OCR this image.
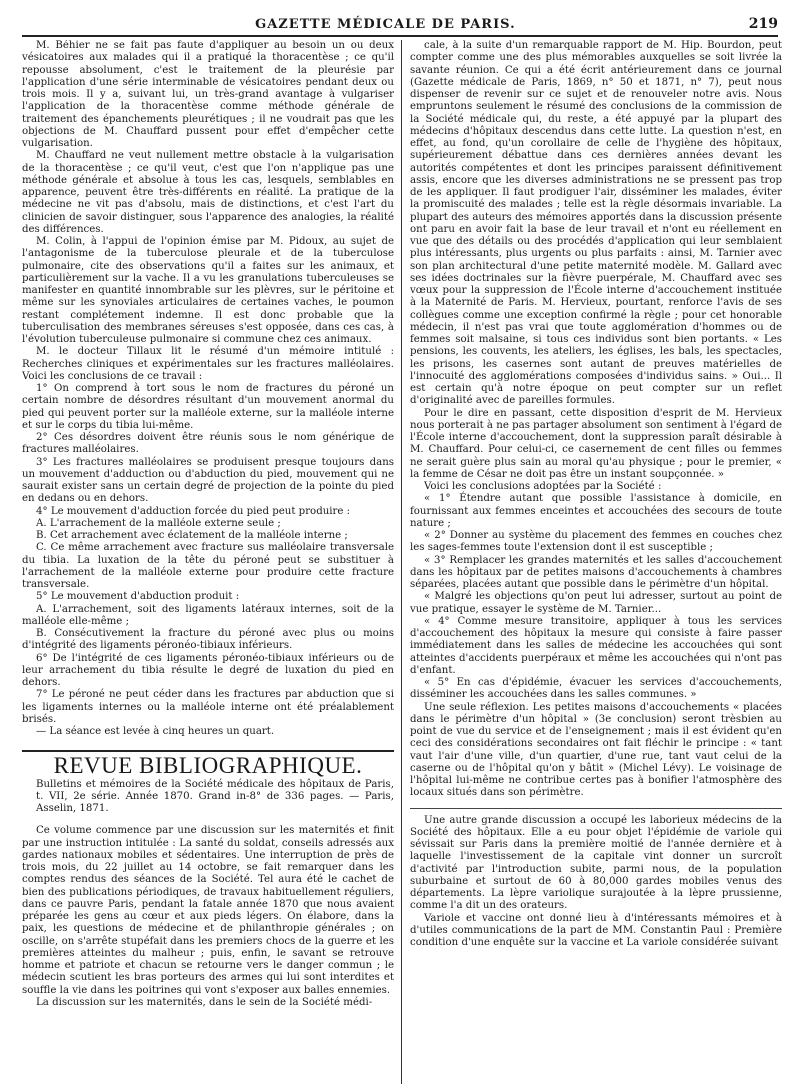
GAZETTE MÉDICALE DE PARIS.	219

M. Béhier ne se fait pas faute d'appliquer au besoin un ou deux vésicatoires aux malades qui il a pratiqué la thoracentèse ; ce qu'il repousse absolument, c'est le traitement de la pleurésie par l'application d'une série interminable de vésicatoires pendant deux ou trois mois. Il y a, suivant lui, un très-grand avantage à vulgariser l'application de la thoracentèse comme méthode générale de traitement des épanchements pleurétiques ; il ne voudrait pas que les objections de M. Chauffard pussent pour effet d'empêcher cette vulgarisation.

M. Chauffard ne veut nullement mettre obstacle à la vulgarisation de la thoracentèse ; ce qu'il veut, c'est que l'on n'applique pas une méthode générale et absolue à tous les cas, lesquels, semblables en apparence, peuvent être très-différents en réalité. La pratique de la médecine ne vit pas d'absolu, mais de distinctions, et c'est l'art du clinicien de savoir distinguer, sous l'apparence des analogies, la réalité des différences.

M. Colin, à l'appui de l'opinion émise par M. Pidoux, au sujet de l'antagonisme de la tuberculose pleurale et de la tuberculose pulmonaire, cite des observations qu'il a faites sur les animaux, et particulièrement sur la vache. Il a vu les granulations tuberculeuses se manifester en quantité innombrable sur les plèvres, sur le péritoine et même sur les synoviales articulaires de certaines vaches, le poumon restant complétement indemne. Il est donc probable que la tuberculisation des membranes séreuses s'est opposée, dans ces cas, à l'évolution tuberculeuse pulmonaire si commune chez ces animaux.

M. le docteur Tillaux lit le résumé d'un mémoire intitulé : Recherches cliniques et expérimentales sur les fractures malléolaires. Voici les conclusions de ce travail :

1° On comprend à tort sous le nom de fractures du péroné un certain nombre de désordres résultant d'un mouvement anormal du pied qui peuvent porter sur la malléole externe, sur la malléole interne et sur le corps du tibia lui-même.

2° Ces désordres doivent être réunis sous le nom générique de fractures malléolaires.

3° Les fractures malléolaires se produisent presque toujours dans un mouvement d'adduction ou d'abduction du pied, mouvement qui ne saurait exister sans un certain degré de projection de la pointe du pied en dedans ou en dehors.

4° Le mouvement d'adduction forcée du pied peut produire :

A. L'arrachement de la malléole externe seule ;

B. Cet arrachement avec éclatement de la malléole interne ;

C. Ce même arrachement avec fracture sus malléolaire transversale du tibia. La luxation de la tête du péroné peut se substituer à l'arrachement de la malléole externe pour produire cette fracture transversale.

5° Le mouvement d'abduction produit :

A. L'arrachement, soit des ligaments latéraux internes, soit de la malléole elle-même ;

B. Consécutivement la fracture du péroné avec plus ou moins d'intégrité des ligaments péronéo-tibiaux inférieurs.

6° De l'intégrité de ces ligaments péronéo-tibiaux inférieurs ou de leur arrachement du tibia résulte le degré de luxation du pied en dehors.

7° Le péroné ne peut céder dans les fractures par abduction que si les ligaments internes ou la malléole interne ont été préalablement brisés.

— La séance est levée à cinq heures un quart.

REVUE BIBLIOGRAPHIQUE.

Bulletins et mémoires de la Société médicale des hôpitaux de Paris, t. VII, 2e série. Année 1870. Grand in-8° de 336 pages. — Paris, Asselin, 1871.

Ce volume commence par une discussion sur les maternités et finit par une instruction intitulée : La santé du soldat, conseils adressés aux gardes nationaux mobiles et sédentaires. Une interruption de près de trois mois, du 22 juillet au 14 octobre, se fait remarquer dans les comptes rendus des séances de la Société. Tel aura été le cachet de bien des publications périodiques, de travaux habituellement réguliers, dans ce pauvre Paris, pendant la fatale année 1870 que nous avaient préparée les gens au cœur et aux pieds légers. On élabore, dans la paix, les questions de médecine et de philanthropie générales ; on oscille, on s'arrête stupéfait dans les premiers chocs de la guerre et les premières atteintes du malheur ; puis, enfin, le savant se retrouve homme et patriote et chacun se retourne vers le danger commun ; le médecin scutient les bras porteurs des armes qui lui sont interdites et souffle la vie dans les poitrines qui vont s'exposer aux balles ennemies.

La discussion sur les maternités, dans le sein de la Société médi-

cale, à la suite d'un remarquable rapport de M. Hip. Bourdon, peut compter comme une des plus mémorables auxquelles se soit livrée la savante réunion. Ce qui a été écrit antérieurement dans ce journal (Gazette médicale de Paris, 1869, n° 50 et 1871, n° 7), peut nous dispenser de revenir sur ce sujet et de renouveler notre avis. Nous empruntons seulement le résumé des conclusions de la commission de la Société médicale qui, du reste, a été appuyé par la plupart des médecins d'hôpitaux descendus dans cette lutte. La question n'est, en effet, au fond, qu'un corollaire de celle de l'hygiène des hôpitaux, supérieurement débattue dans ces dernières années devant les autorités compétentes et dont les principes paraissent définitivement assis, encore que les diverses administrations ne se pressent pas trop de les appliquer. Il faut prodiguer l'air, disséminer les malades, éviter la promiscuité des malades ; telle est la règle désormais invariable. La plupart des auteurs des mémoires apportés dans la discussion présente ont paru en avoir fait la base de leur travail et n'ont eu réellement en vue que des détails ou des procédés d'application qui leur semblaient plus intéressants, plus urgents ou plus parfaits : ainsi, M. Tarnier avec son plan architectural d'une petite maternité modèle. M. Gallard avec ses idées doctrinales sur la fièvre puerpérale, M. Chauffard avec ses vœux pour la suppression de l'École interne d'accouchement instituée à la Maternité de Paris. M. Hervieux, pourtant, renforce l'avis de ses collègues comme une exception confirmé la règle ; pour cet honorable médecin, il n'est pas vrai que toute agglomération d'hommes ou de femmes soit malsaine, si tous ces individus sont bien portants. « Les pensions, les couvents, les ateliers, les églises, les bals, les spectacles, les prisons, les casernes sont autant de preuves matérielles de l'innocuité des agglomérations composées d'individus sains. » Oui... Il est certain qu'à notre époque on peut compter sur un reflet d'originalité avec de pareilles formules.

Pour le dire en passant, cette disposition d'esprit de M. Hervieux nous porterait à ne pas partager absolument son sentiment à l'égard de l'École interne d'accouchement, dont la suppression paraît désirable à M. Chauffard. Pour celui-ci, ce casernement de cent filles ou femmes ne serait guère plus sain au moral qu'au physique ; pour le premier, « la femme de César ne doit pas être un instant soupçonnée. »

Voici les conclusions adoptées par la Société :

« 1° Étendre autant que possible l'assistance à domicile, en fournissant aux femmes enceintes et accouchées des secours de toute nature ;

« 2° Donner au système du placement des femmes en couches chez les sages-femmes toute l'extension dont il est susceptible ;

« 3° Remplacer les grandes maternités et les salles d'accouchement dans les hôpitaux par de petites maisons d'accouchements à chambres séparées, placées autant que possible dans le périmètre d'un hôpital.

« Malgré les objections qu'on peut lui adresser, surtout au point de vue pratique, essayer le système de M. Tarnier...

« 4° Comme mesure transitoire, appliquer à tous les services d'accouchement des hôpitaux la mesure qui consiste à faire passer immédiatement dans les salles de médecine les accouchées qui sont atteintes d'accidents puerpéraux et même les accouchées qui n'ont pas d'enfant.

« 5° En cas d'épidémie, évacuer les services d'accouchements, disséminer les accouchées dans les salles communes. »

Une seule réflexion. Les petites maisons d'accouchements « placées dans le périmètre d'un hôpital » (3e conclusion) seront trèsbien au point de vue du service et de l'enseignement ; mais il est évident qu'en ceci des considérations secondaires ont fait fléchir le principe : « tant vaut l'air d'une ville, d'un quartier, d'une rue, tant vaut celui de la caserne ou de l'hôpital qu'on y bâtit » (Michel Lévy). Le voisinage de l'hôpital lui-même ne contribue certes pas à bonifier l'atmosphère des locaux situés dans son périmètre.

Une autre grande discussion a occupé les laborieux médecins de la Société des hôpitaux. Elle a eu pour objet l'épidémie de variole qui sévissait sur Paris dans la première moitié de l'année dernière et à laquelle l'investissement de la capitale vint donner un surcroît d'activité par l'introduction subite, parmi nous, de la population suburbaine et surtout de 60 à 80,000 gardes mobiles venus des départements. La lèpre variolique surajoutée à la lèpre prussienne, comme l'a dit un des orateurs.

Variole et vaccine ont donné lieu à d'intéressants mémoires et à d'utiles communications de la part de MM. Constantin Paul : Première condition d'une enquête sur la vaccine et La variole considérée suivant
